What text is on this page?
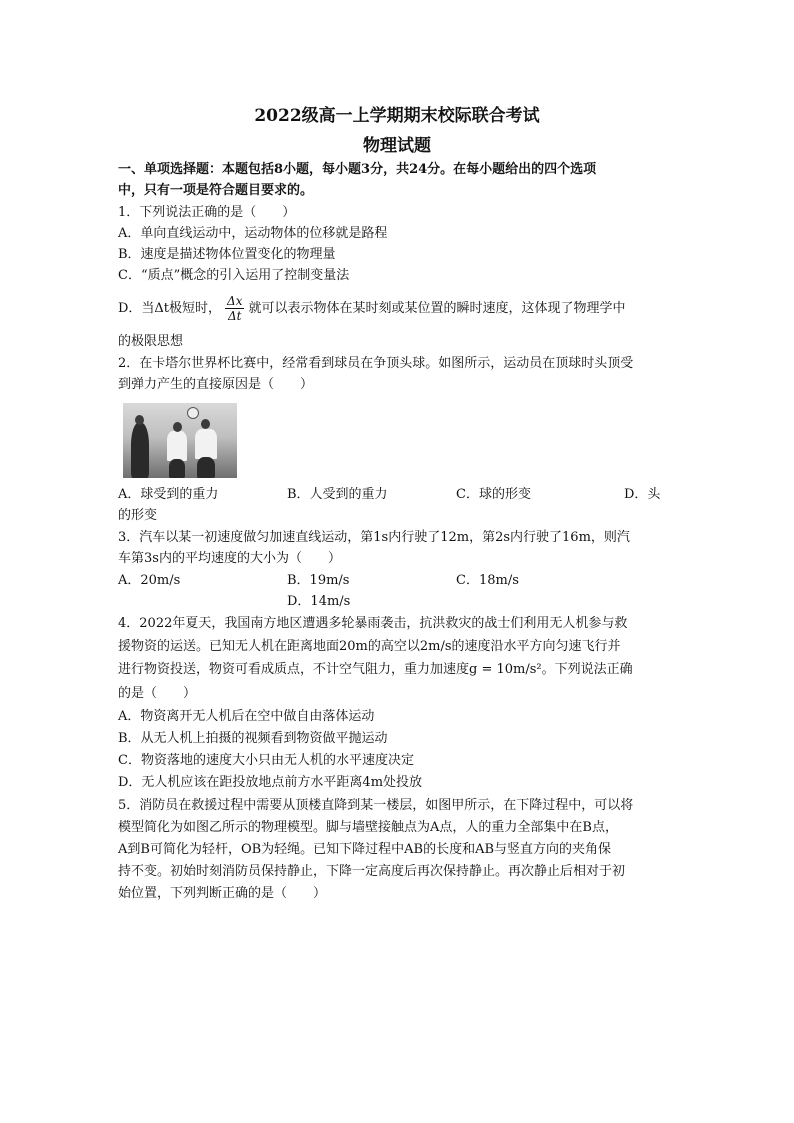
2022级高一上学期期末校际联合考试
物理试题
一、单项选择题：本题包括8小题，每小题3分，共24分。在每小题给出的四个选项
中，只有一项是符合题目要求的。
1．下列说法正确的是（　　）
A．单向直线运动中，运动物体的位移就是路程
B．速度是描述物体位置变化的物理量
C．“质点”概念的引入运用了控制变量法
D．当Δt极短时， $\frac{\Delta x}{\Delta t}$ 就可以表示物体在某时刻或某位置的瞬时速度，这体现了物理学中
的极限思想
2．在卡塔尔世界杯比赛中，经常看到球员在争顶头球。如图所示，运动员在顶球时头顶受
到弹力产生的直接原因是（　　）
A．球受到的重力	B．人受到的重力	C．球的形变	D．头
的形变
3．汽车以某一初速度做匀加速直线运动，第1s内行驶了12m，第2s内行驶了16m，则汽
车第3s内的平均速度的大小为（　　）
A．20m/s	B．19m/s	C．18m/s
D．14m/s
4．2022年夏天，我国南方地区遭遇多轮暴雨袭击，抗洪救灾的战士们利用无人机参与救
援物资的运送。已知无人机在距离地面20m的高空以2m/s的速度沿水平方向匀速飞行并
进行物资投送，物资可看成质点，不计空气阻力，重力加速度g = 10m/s²。下列说法正确
的是（　　）
A．物资离开无人机后在空中做自由落体运动
B．从无人机上拍摄的视频看到物资做平抛运动
C．物资落地的速度大小只由无人机的水平速度决定
D．无人机应该在距投放地点前方水平距离4m处投放
5．消防员在救援过程中需要从顶楼直降到某一楼层，如图甲所示，在下降过程中，可以将
模型简化为如图乙所示的物理模型。脚与墙壁接触点为A点，人的重力全部集中在B点，
A到B可简化为轻杆，OB为轻绳。已知下降过程中AB的长度和AB与竖直方向的夹角保
持不变。初始时刻消防员保持静止，下降一定高度后再次保持静止。再次静止后相对于初
始位置，下列判断正确的是（　　）
